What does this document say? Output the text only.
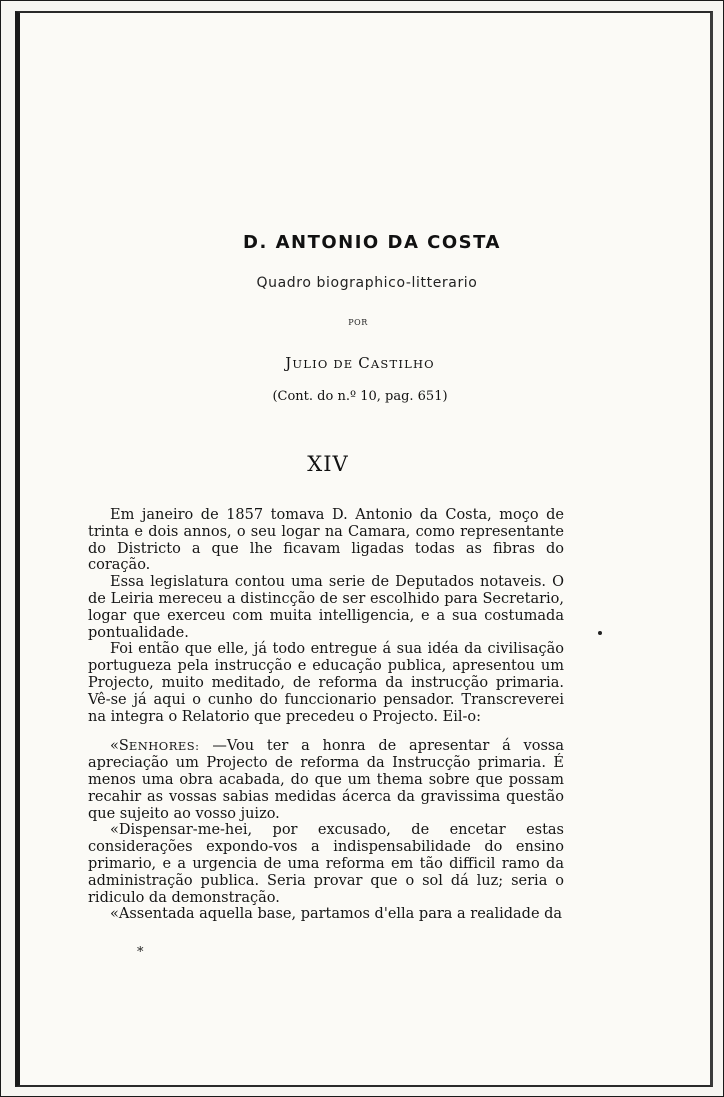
D. ANTONIO DA COSTA
Quadro biographico-litterario
POR
JULIO DE CASTILHO
(Cont. do n.º 10, pag. 651)
XIV

Em janeiro de 1857 tomava D. Antonio da Costa, moço de trinta e dois annos, o seu logar na Camara, como representante do Districto a que lhe ficavam ligadas todas as fibras do coração.

Essa legislatura contou uma serie de Deputados notaveis. O de Leiria mereceu a distincção de ser escolhido para Secretario, logar que exerceu com muita intelligencia, e a sua costumada pontualidade.

Foi então que elle, já todo entregue á sua idéa da civilisação portugueza pela instrucção e educação publica, apresentou um Projecto, muito meditado, de reforma da instrucção primaria. Vê-se já aqui o cunho do funccionario pensador. Transcreverei na integra o Relatorio que precedeu o Projecto. Eil-o:

«SENHORES: —Vou ter a honra de apresentar á vossa apreciação um Projecto de reforma da Instrucção primaria. É menos uma obra acabada, do que um thema sobre que possam recahir as vossas sabias medidas ácerca da gravissima questão que sujeito ao vosso juizo.

«Dispensar-me-hei, por excusado, de encetar estas considerações expondo-vos a indispensabilidade do ensino primario, e a urgencia de uma reforma em tão difficil ramo da administração publica. Seria provar que o sol dá luz; seria o ridiculo da demonstração.

«Assentada aquella base, partamos d'ella para a realidade da

*
